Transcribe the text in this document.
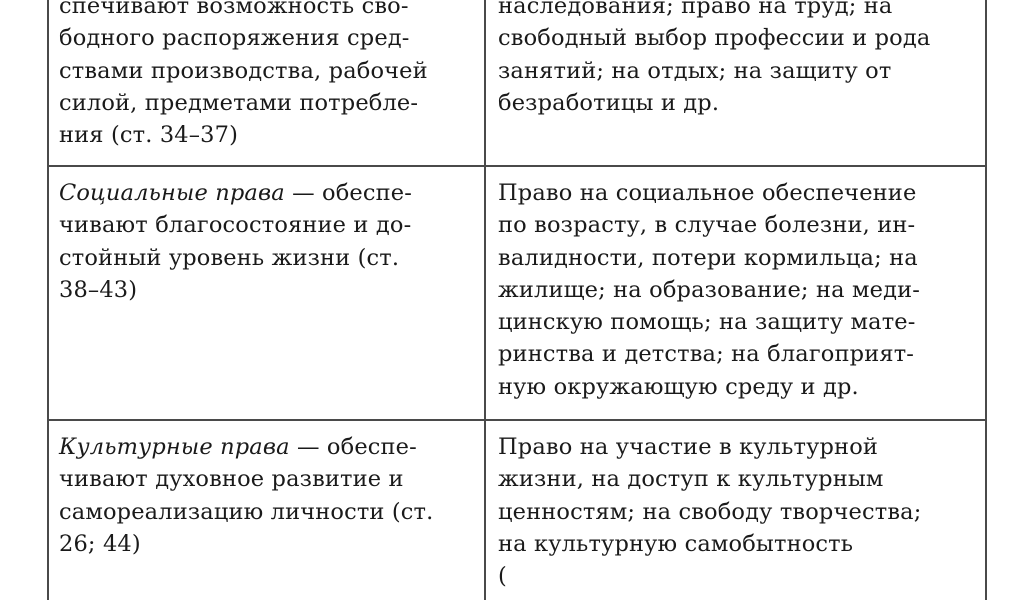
спечивают возможность сво-
бодного распоряжения сред-
ствами производства, рабочей
силой, предметами потребле-
ния (ст. 34–37)
наследования; право на труд; на
свободный выбор профессии и рода
занятий; на отдых; на защиту от
безработицы и др.
Социальные права — обеспе-
чивают благосостояние и до-
стойный уровень жизни (ст.
38–43)
Право на социальное обеспечение
по возрасту, в случае болезни, ин-
валидности, потери кормильца; на
жилище; на образование; на меди-
цинскую помощь; на защиту мате-
ринства и детства; на благоприят-
ную окружающую среду и др.
Культурные права — обеспе-
чивают духовное развитие и
самореализацию личности (ст.
26; 44)
Право на участие в культурной
жизни, на доступ к культурным
ценностям; на свободу творчества;
на культурную самобытность
(
